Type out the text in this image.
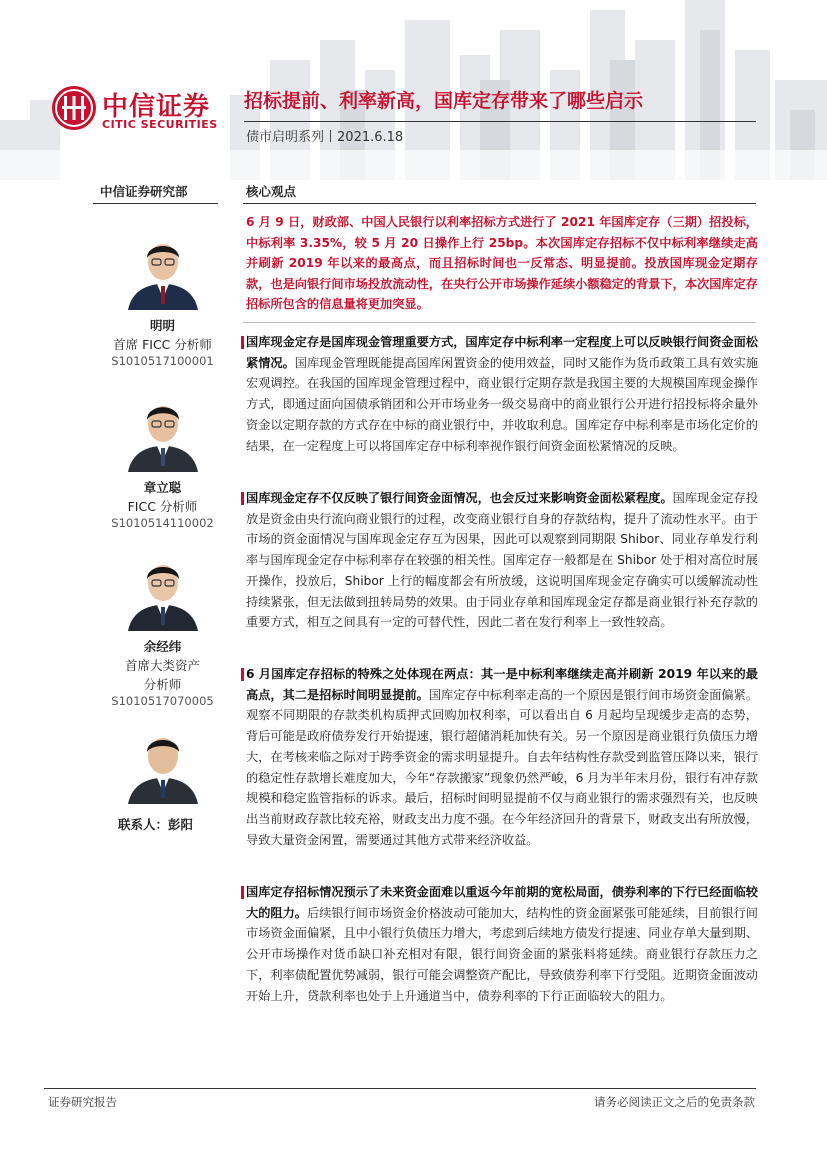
中信证券
CITIC SECURITIES
招标提前、利率新高，国库定存带来了哪些启示
债市启明系列丨2021.6.18
中信证券研究部	核心观点
明明
首席 FICC 分析师
S1010517100001
章立聪
FICC 分析师
S1010514110002
余经纬
首席大类资产
分析师
S1010517070005
联系人：彭阳
6 月 9 日，财政部、中国人民银行以利率招标方式进行了 2021 年国库定存（三期）招投标，中标利率 3.35%，较 5 月 20 日操作上行 25bp。本次国库定存招标不仅中标利率继续走高并刷新 2019 年以来的最高点，而且招标时间也一反常态、明显提前。投放国库现金定期存款，也是向银行间市场投放流动性，在央行公开市场操作延续小额稳定的背景下，本次国库定存招标所包含的信息量将更加突显。
国库现金定存是国库现金管理重要方式，国库定存中标利率一定程度上可以反映银行间资金面松紧情况。国库现金管理既能提高国库闲置资金的使用效益，同时又能作为货币政策工具有效实施宏观调控。在我国的国库现金管理过程中，商业银行定期存款是我国主要的大规模国库现金操作方式，即通过面向国债承销团和公开市场业务一级交易商中的商业银行公开进行招投标将余量外资金以定期存款的方式存在中标的商业银行中，并收取利息。国库定存中标利率是市场化定价的结果，在一定程度上可以将国库定存中标利率视作银行间资金面松紧情况的反映。
国库现金定存不仅反映了银行间资金面情况，也会反过来影响资金面松紧程度。国库现金定存投放是资金由央行流向商业银行的过程，改变商业银行自身的存款结构，提升了流动性水平。由于市场的资金面情况与国库现金定存互为因果，因此可以观察到同期限 Shibor、同业存单发行利率与国库现金定存中标利率存在较强的相关性。国库定存一般都是在 Shibor 处于相对高位时展开操作，投放后，Shibor 上行的幅度都会有所放缓，这说明国库现金定存确实可以缓解流动性持续紧张，但无法做到扭转局势的效果。由于同业存单和国库现金定存都是商业银行补充存款的重要方式，相互之间具有一定的可替代性，因此二者在发行利率上一致性较高。
6 月国库定存招标的特殊之处体现在两点：其一是中标利率继续走高并刷新 2019 年以来的最高点，其二是招标时间明显提前。国库定存中标利率走高的一个原因是银行间市场资金面偏紧。观察不同期限的存款类机构质押式回购加权利率，可以看出自 6 月起均呈现缓步走高的态势，背后可能是政府债券发行开始提速，银行超储消耗加快有关。另一个原因是商业银行负债压力增大，在考核来临之际对于跨季资金的需求明显提升。自去年结构性存款受到监管压降以来，银行的稳定性存款增长难度加大，今年“存款搬家”现象仍然严峻，6 月为半年末月份，银行有冲存款规模和稳定监管指标的诉求。最后，招标时间明显提前不仅与商业银行的需求强烈有关，也反映出当前财政存款比较充裕，财政支出力度不强。在今年经济回升的背景下，财政支出有所放慢，导致大量资金闲置，需要通过其他方式带来经济收益。
国库定存招标情况预示了未来资金面难以重返今年前期的宽松局面，债券利率的下行已经面临较大的阻力。后续银行间市场资金价格波动可能加大，结构性的资金面紧张可能延续，目前银行间市场资金面偏紧，且中小银行负债压力增大，考虑到后续地方债发行提速、同业存单大量到期、公开市场操作对货币缺口补充相对有限，银行间资金面的紧张料将延续。商业银行存款压力之下，利率债配置优势减弱，银行可能会调整资产配比，导致债券利率下行受阻。近期资金面波动开始上升，贷款利率也处于上升通道当中，债券利率的下行正面临较大的阻力。
证券研究报告	请务必阅读正文之后的免责条款
